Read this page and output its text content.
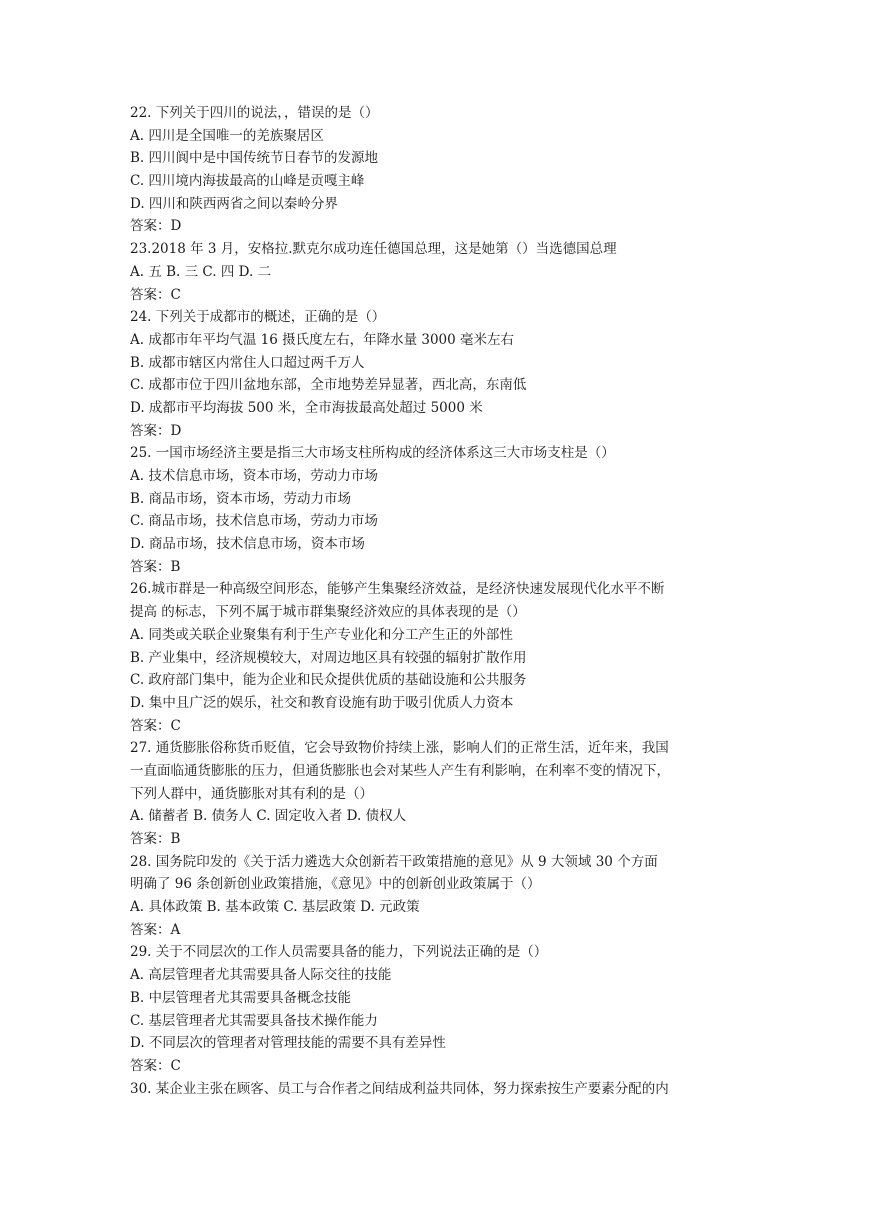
22. 下列关于四川的说法，，错误的是（）
A. 四川是全国唯一的羌族聚居区
B. 四川阆中是中国传统节日春节的发源地
C. 四川境内海拔最高的山峰是贡嘎主峰
D. 四川和陕西两省之间以秦岭分界
答案：D
23.2018 年 3 月，安格拉.默克尔成功连任德国总理，这是她第（）当选德国总理
A. 五 B. 三 C. 四 D. 二
答案：C
24. 下列关于成都市的概述，正确的是（）
A. 成都市年平均气温 16 摄氏度左右，年降水量 3000 毫米左右
B. 成都市辖区内常住人口超过两千万人
C. 成都市位于四川盆地东部，全市地势差异显著，西北高，东南低
D. 成都市平均海拔 500 米，全市海拔最高处超过 5000 米
答案：D
25. 一国市场经济主要是指三大市场支柱所构成的经济体系这三大市场支柱是（）
A. 技术信息市场，资本市场，劳动力市场
B. 商品市场，资本市场，劳动力市场
C. 商品市场，技术信息市场，劳动力市场
D. 商品市场，技术信息市场，资本市场
答案：B
26.城市群是一种高级空间形态，能够产生集聚经济效益，是经济快速发展现代化水平不断
提高 的标志，下列不属于城市群集聚经济效应的具体表现的是（）
A. 同类或关联企业聚集有利于生产专业化和分工产生正的外部性
B. 产业集中，经济规模较大，对周边地区具有较强的辐射扩散作用
C. 政府部门集中，能为企业和民众提供优质的基础设施和公共服务
D. 集中且广泛的娱乐，社交和教育设施有助于吸引优质人力资本
答案：C
27. 通货膨胀俗称货币贬值，它会导致物价持续上涨，影响人们的正常生活，近年来，我国
一直面临通货膨胀的压力，但通货膨胀也会对某些人产生有利影响，在利率不变的情况下，
下列人群中，通货膨胀对其有利的是（）
A. 储蓄者 B. 债务人 C. 固定收入者 D. 债权人
答案：B
28. 国务院印发的《关于活力遴选大众创新若干政策措施的意见》从 9 大领域 30 个方面
明确了 96 条创新创业政策措施，《意见》中的创新创业政策属于（）
A. 具体政策 B. 基本政策 C. 基层政策 D. 元政策
答案：A
29. 关于不同层次的工作人员需要具备的能力，下列说法正确的是（）
A. 高层管理者尤其需要具备人际交往的技能
B. 中层管理者尤其需要具备概念技能
C. 基层管理者尤其需要具备技术操作能力
D. 不同层次的管理者对管理技能的需要不具有差异性
答案：C
30. 某企业主张在顾客、员工与合作者之间结成利益共同体，努力探索按生产要素分配的内
